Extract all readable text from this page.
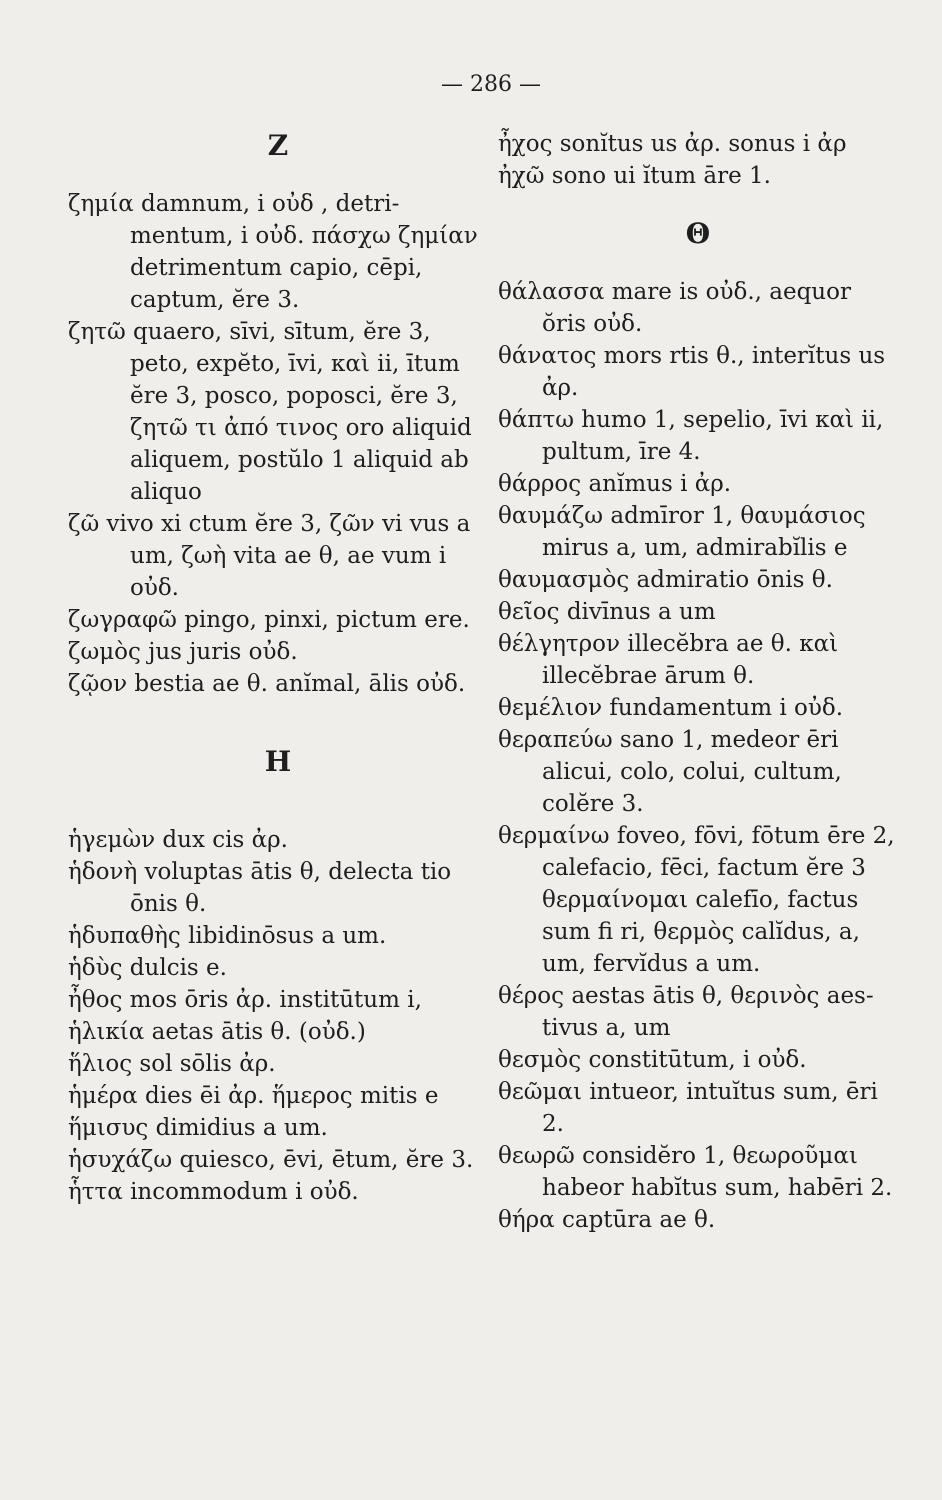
— 286 —
Z
ζημία damnum, i οὐδ , detrimentum, i οὐδ. πάσχω ζημίαν detrimentum capio, cēpi, captum, ĕre 3.
ζητῶ quaero, sīvi, sītum, ĕre 3, peto, expĕto, īvi, καὶ ii, ītum ĕre 3, posco, poposci, ĕre 3, ζητῶ τι ἀπό τινος oro aliquid aliquem, postŭlo 1 aliquid ab aliquo
ζῶ vivo xi ctum ĕre 3, ζῶν vi vus a um, ζωὴ vita ae θ, ae vum i οὐδ.
ζωγραφῶ pingo, pinxi, pictum ere.
ζωμὸς jus juris οὐδ.
ζῷον bestia ae θ. anĭmal, ālis οὐδ.
H
ἡγεμὼν dux cis ἀρ.
ἡδονὴ voluptas ātis θ, delecta tio ōnis θ.
ἡδυπαθὴς libidinōsus a um.
ἡδὺς dulcis e.
ἦθος mos ōris ἀρ. institūtum i,
ἡλικία aetas ātis θ. (οὐδ.)
ἥλιος sol sōlis ἀρ.
ἡμέρα dies ēi ἀρ. ἥμερος mitis e
ἥμισυς dimidius a um.
ἡσυχάζω quiesco, ēvi, ētum, ĕre 3.
ἧττα incommodum i οὐδ.
ἦχος sonĭtus us ἀρ. sonus i ἀρ
ἠχῶ sono ui ĭtum āre 1.
Θ
θάλασσα mare is οὐδ., aequor ŏris οὐδ.
θάνατος mors rtis θ., interĭtus us ἀρ.
θάπτω humo 1, sepelio, īvi καὶ ii, pultum, īre 4.
θάρρος anĭmus i ἀρ.
θαυμάζω admīror 1, θαυμάσιος mirus a, um, admirabĭlis e
θαυμασμὸς admiratio ōnis θ.
θεῖος divīnus a um
θέλγητρον illecĕbra ae θ. καὶ illecĕbrae ārum θ.
θεμέλιον fundamentum i οὐδ.
θεραπεύω sano 1, medeor ēri alicui, colo, colui, cultum, colĕre 3.
θερμαίνω foveo, fōvi, fōtum ēre 2, calefacio, fēci, factum ĕre 3 θερμαίνομαι calefīo, factus sum fi ri, θερμὸς calĭdus, a, um, fervĭdus a um.
θέρος aestas ātis θ, θερινὸς aestivus a, um
θεσμὸς constitūtum, i οὐδ.
θεῶμαι intueor, intuĭtus sum, ēri 2.
θεωρῶ considĕro 1, θεωροῦμαι habeor habĭtus sum, habēri 2.
θήρα captūra ae θ.
